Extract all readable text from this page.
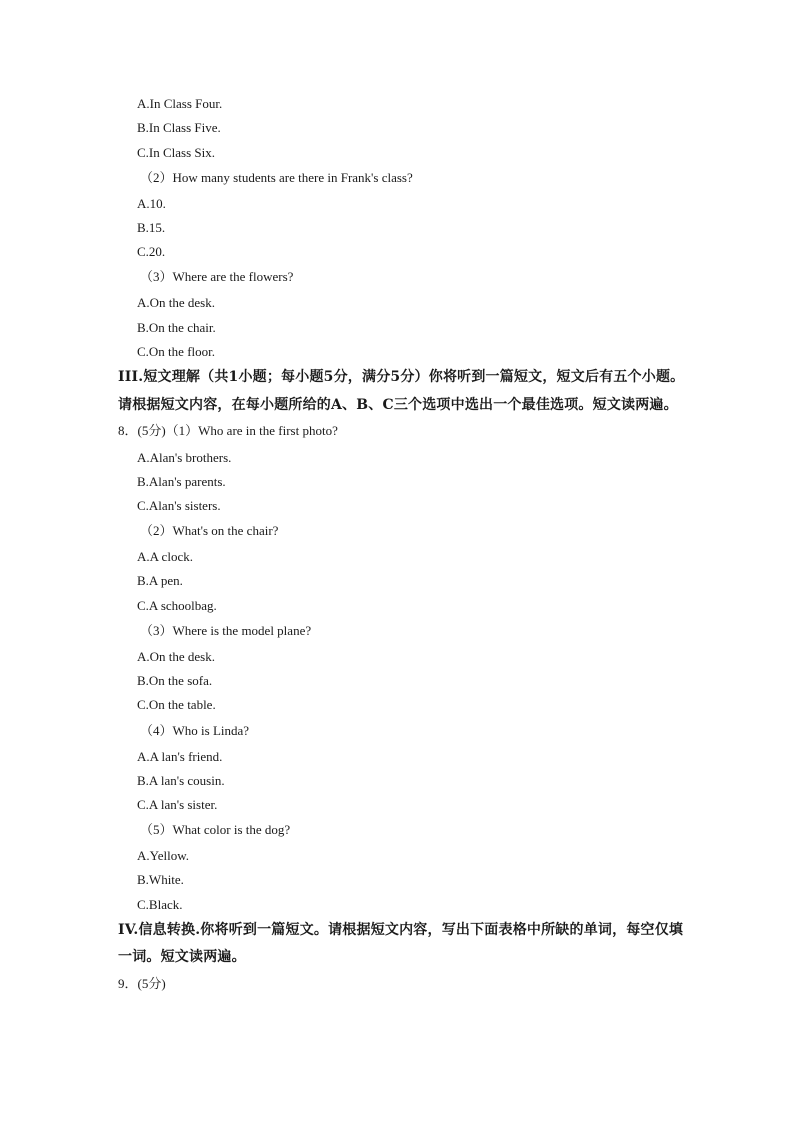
A.In Class Four.
B.In Class Five.
C.In Class Six.
（2）How many students are there in Frank's class?
A.10.
B.15.
C.20.
（3）Where are the flowers?
A.On the desk.
B.On the chair.
C.On the floor.
III.短文理解（共1小题；每小题5分，满分5分）你将听到一篇短文，短文后有五个小题。
请根据短文内容，在每小题所给的A、B、C三个选项中选出一个最佳选项。短文读两遍。
8．(5分)（1）Who are in the first photo?
A.Alan's brothers.
B.Alan's parents.
C.Alan's sisters.
（2）What's on the chair?
A.A clock.
B.A pen.
C.A schoolbag.
（3）Where is the model plane?
A.On the desk.
B.On the sofa.
C.On the table.
（4）Who is Linda?
A.A lan's friend.
B.A lan's cousin.
C.A lan's sister.
（5）What color is the dog?
A.Yellow.
B.White.
C.Black.
IV.信息转换.你将听到一篇短文。请根据短文内容，写出下面表格中所缺的单词，每空仅填
一词。短文读两遍。
9．(5分)
